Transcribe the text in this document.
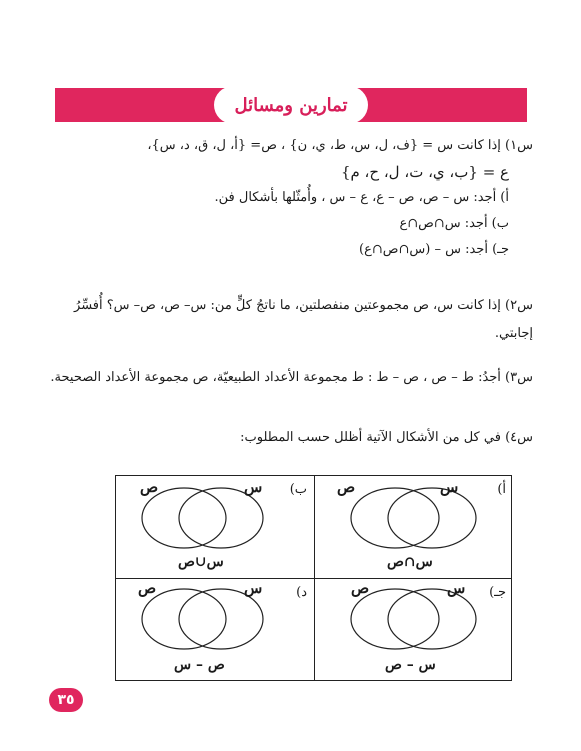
تمارين ومسائل
س١) إذا كانت س = {ف، ل، س، ط، ي، ن} ، ص= {أ، ل، ق، د، س}،
ع = {ب، ي، ت، ل، ح، م}
أ) أجد: س – ص، ص – ع، ع – س ، وأُمثّلها بأشكال فن.
ب) أجد: س∩ص∩ع
جـ) أجد: س – (س∩ص∩ع)
س٢) إذا كانت س، ص مجموعتين منفصلتين، ما ناتجُ كلٍّ من: س– ص، ص– س؟ أُفسِّرُ
إجابتي.
س٣) أجدُ: ط – ص ، ص – ط : ط مجموعة الأعداد الطبيعيّة، ص مجموعة الأعداد الصحيحة.
س٤) في كل من الأشكال الآتية أظلل حسب المطلوب:
أ)
ص	س
س∩ص
ب)
ص	س
س∪ص
جـ)
ص	س
س – ص
د)
ص	س
ص – س
٣٥
